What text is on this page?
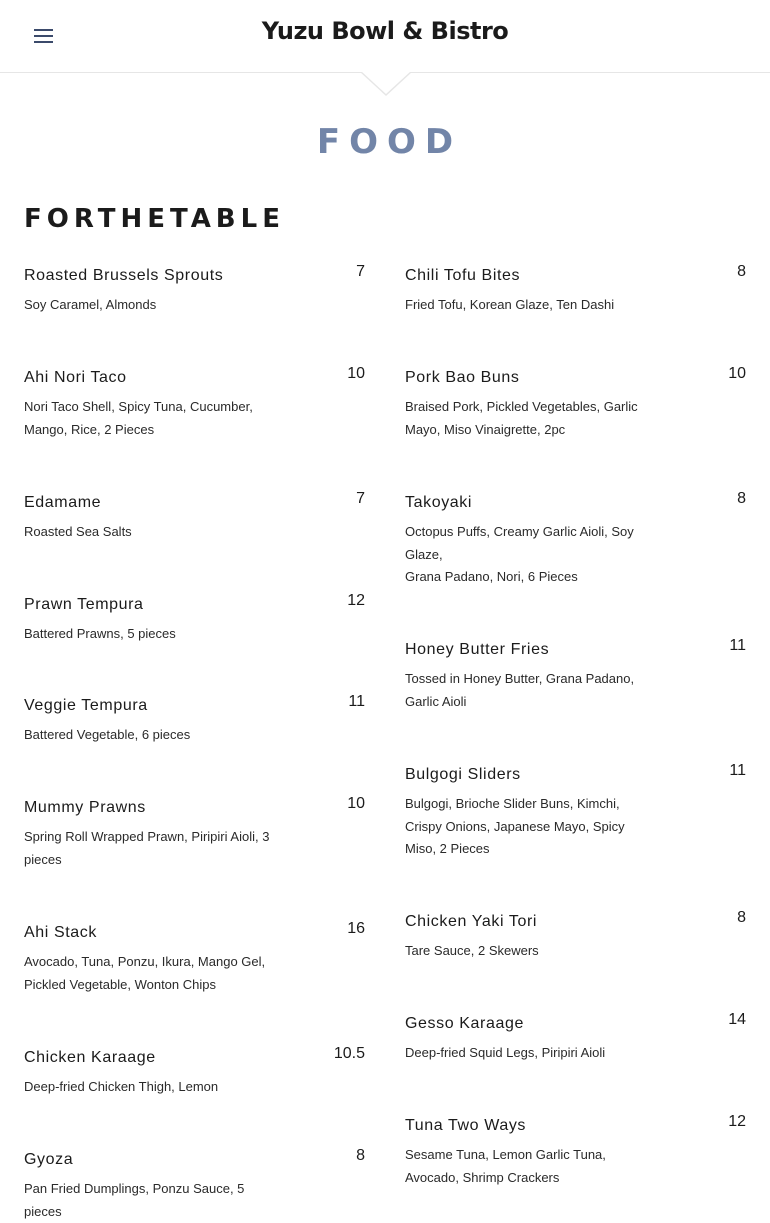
Yuzu Bowl & Bistro
FOOD
FORTHETABLE
Roasted Brussels Sprouts	7
Soy Caramel, Almonds
Ahi Nori Taco	10
Nori Taco Shell, Spicy Tuna, Cucumber, Mango, Rice, 2 Pieces
Edamame	7
Roasted Sea Salts
Prawn Tempura	12
Battered Prawns, 5 pieces
Veggie Tempura	11
Battered Vegetable, 6 pieces
Mummy Prawns	10
Spring Roll Wrapped Prawn, Piripiri Aioli, 3 pieces
Ahi Stack	16
Avocado, Tuna, Ponzu, Ikura, Mango Gel, Pickled Vegetable, Wonton Chips
Chicken Karaage	10.5
Deep-fried Chicken Thigh, Lemon
Gyoza	8
Pan Fried Dumplings, Ponzu Sauce, 5 pieces
Chili Tofu Bites	8
Fried Tofu, Korean Glaze, Ten Dashi
Pork Bao Buns	10
Braised Pork, Pickled Vegetables, Garlic Mayo, Miso Vinaigrette, 2pc
Takoyaki	8
Octopus Puffs, Creamy Garlic Aioli, Soy Glaze,
Grana Padano, Nori, 6 Pieces
Honey Butter Fries	11
Tossed in Honey Butter, Grana Padano, Garlic Aioli
Bulgogi Sliders	11
Bulgogi, Brioche Slider Buns, Kimchi, Crispy Onions, Japanese Mayo, Spicy Miso, 2 Pieces
Chicken Yaki Tori	8
Tare Sauce, 2 Skewers
Gesso Karaage	14
Deep-fried Squid Legs, Piripiri Aioli
Tuna Two Ways	12
Sesame Tuna, Lemon Garlic Tuna, Avocado, Shrimp Crackers
